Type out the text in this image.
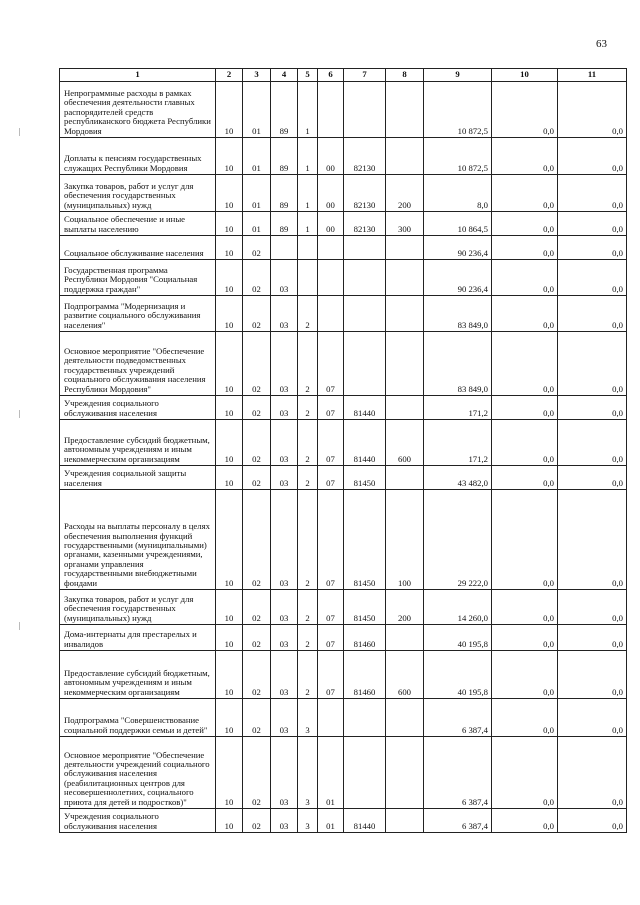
63
1	2	3	4	5	6	7	8	9	10	11
Непрограммные расходы в рамках обеспечения деятельности главных распорядителей средств республиканского бюджета Республики Мордовия	10	01	89	1				10 872,5	0,0	0,0
Доплаты к пенсиям государственных служащих Республики Мордовия	10	01	89	1	00	82130		10 872,5	0,0	0,0
Закупка товаров, работ и услуг для обеспечения государственных (муниципальных) нужд	10	01	89	1	00	82130	200	8,0	0,0	0,0
Социальное обеспечение и иные выплаты населению	10	01	89	1	00	82130	300	10 864,5	0,0	0,0
Социальное обслуживание населения	10	02						90 236,4	0,0	0,0
Государственная программа Республики Мордовия "Социальная поддержка граждан"	10	02	03					90 236,4	0,0	0,0
Подпрограмма "Модернизация и развитие социального обслуживания населения"	10	02	03	2				83 849,0	0,0	0,0
Основное мероприятие "Обеспечение деятельности подведомственных государственных учреждений социального обслуживания населения Республики Мордовия"	10	02	03	2	07			83 849,0	0,0	0,0
Учреждения социального обслуживания населения	10	02	03	2	07	81440		171,2	0,0	0,0
Предоставление субсидий бюджетным, автономным учреждениям и иным некоммерческим организациям	10	02	03	2	07	81440	600	171,2	0,0	0,0
Учреждения социальной защиты населения	10	02	03	2	07	81450		43 482,0	0,0	0,0
Расходы на выплаты персоналу в целях обеспечения выполнения функций государственными (муниципальными) органами, казенными учреждениями, органами управления государственными внебюджетными фондами	10	02	03	2	07	81450	100	29 222,0	0,0	0,0
Закупка товаров, работ и услуг для обеспечения государственных (муниципальных) нужд	10	02	03	2	07	81450	200	14 260,0	0,0	0,0
Дома-интернаты для престарелых и инвалидов	10	02	03	2	07	81460		40 195,8	0,0	0,0
Предоставление субсидий бюджетным, автономным учреждениям и иным некоммерческим организациям	10	02	03	2	07	81460	600	40 195,8	0,0	0,0
Подпрограмма "Совершенствование социальной поддержки семьи и детей"	10	02	03	3				6 387,4	0,0	0,0
Основное мероприятие "Обеспечение деятельности учреждений социального обслуживания населения (реабилитационных центров для несовершеннолетних, социального приюта для детей и подростков)"	10	02	03	3	01			6 387,4	0,0	0,0
Учреждения социального обслуживания населения	10	02	03	3	01	81440		6 387,4	0,0	0,0
